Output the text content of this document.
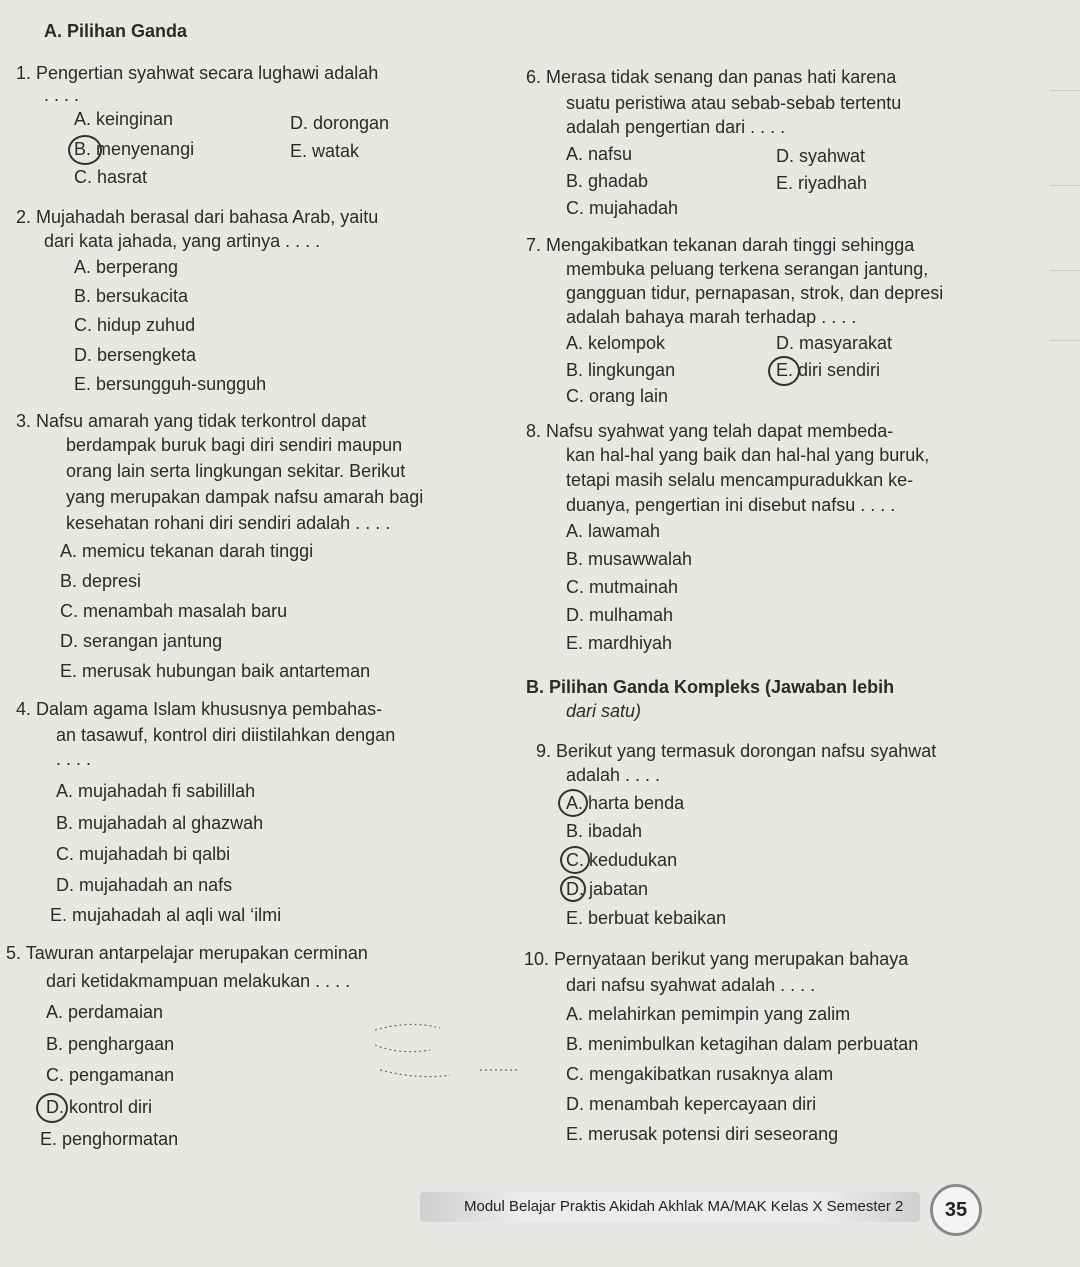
A. Pilihan Ganda
1. Pengertian syahwat secara lughawi adalah
. . . .
A. keinginan	D. dorongan
B. menyenangi	E. watak
C. hasrat
2. Mujahadah berasal dari bahasa Arab, yaitu
dari kata jahada, yang artinya . . . .
A. berperang
B. bersukacita
C. hidup zuhud
D. bersengketa
E. bersungguh-sungguh
3. Nafsu amarah yang tidak terkontrol dapat
berdampak buruk bagi diri sendiri maupun
orang lain serta lingkungan sekitar. Berikut
yang merupakan dampak nafsu amarah bagi
kesehatan rohani diri sendiri adalah . . . .
A. memicu tekanan darah tinggi
B. depresi
C. menambah masalah baru
D. serangan jantung
E. merusak hubungan baik antarteman
4. Dalam agama Islam khususnya pembahas-
an tasawuf, kontrol diri diistilahkan dengan
. . . .
A. mujahadah fi sabilillah
B. mujahadah al ghazwah
C. mujahadah bi qalbi
D. mujahadah an nafs
E. mujahadah al aqli wal ‘ilmi
5. Tawuran antarpelajar merupakan cerminan
dari ketidakmampuan melakukan . . . .
A. perdamaian
B. penghargaan
C. pengamanan
D. kontrol diri
E. penghormatan
6. Merasa tidak senang dan panas hati karena
suatu peristiwa atau sebab-sebab tertentu
adalah pengertian dari . . . .
A. nafsu	D. syahwat
B. ghadab	E. riyadhah
C. mujahadah
7. Mengakibatkan tekanan darah tinggi sehingga
membuka peluang terkena serangan jantung,
gangguan tidur, pernapasan, strok, dan depresi
adalah bahaya marah terhadap . . . .
A. kelompok	D. masyarakat
B. lingkungan	E. diri sendiri
C. orang lain
8. Nafsu syahwat yang telah dapat membeda-
kan hal-hal yang baik dan hal-hal yang buruk,
tetapi masih selalu mencampuradukkan ke-
duanya, pengertian ini disebut nafsu . . . .
A. lawamah
B. musawwalah
C. mutmainah
D. mulhamah
E. mardhiyah
B. Pilihan Ganda Kompleks (Jawaban lebih
dari satu)
9. Berikut yang termasuk dorongan nafsu syahwat
adalah . . . .
A. harta benda
B. ibadah
C. kedudukan
D. jabatan
E. berbuat kebaikan
10. Pernyataan berikut yang merupakan bahaya
dari nafsu syahwat adalah . . . .
A. melahirkan pemimpin yang zalim
B. menimbulkan ketagihan dalam perbuatan
C. mengakibatkan rusaknya alam
D. menambah kepercayaan diri
E. merusak potensi diri seseorang
Modul Belajar Praktis Akidah Akhlak MA/MAK Kelas X Semester 2	35
